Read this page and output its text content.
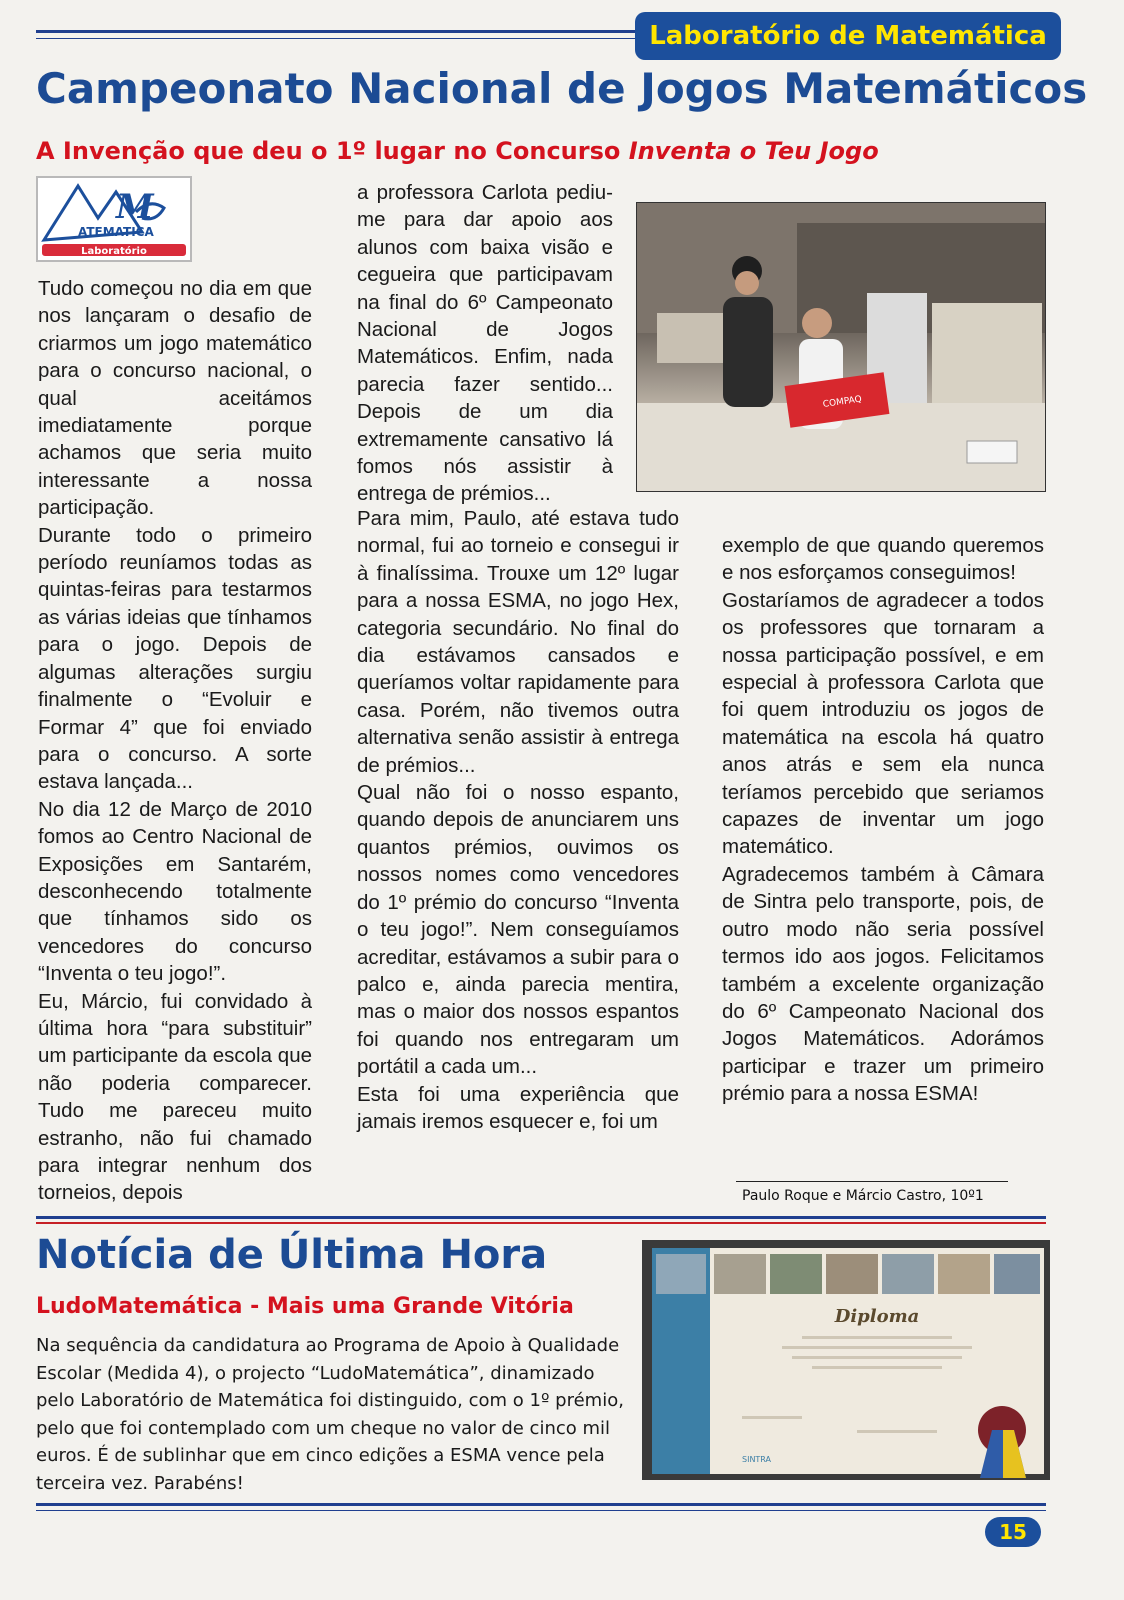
Laboratório de Matemática
Campeonato Nacional de Jogos Matemáticos
A Invenção que deu o 1º lugar no Concurso Inventa o Teu Jogo
M
ATEMATICA
Laboratório

Tudo começou no dia em que nos lançaram o desafio de criarmos um jogo matemático para o concurso nacional, o qual aceitámos imediatamente porque achamos que seria muito interessante a nossa participação.

Durante todo o primeiro período reuníamos todas as quintas-feiras para testarmos as várias ideias que tínhamos para o jogo. Depois de algumas alterações surgiu finalmente o “Evoluir e Formar 4” que foi enviado para o concurso. A sorte estava lançada...

No dia 12 de Março de 2010 fomos ao Centro Nacional de Exposições em Santarém, desconhecendo totalmente que tínhamos sido os vencedores do concurso “Inventa o teu jogo!”.

Eu, Márcio, fui convidado à última hora “para substituir” um participante da escola que não poderia comparecer. Tudo me pareceu muito estranho, não fui chamado para integrar nenhum dos torneios, depois

a professora Carlota pediu-me para dar apoio aos alunos com baixa visão e cegueira que participavam na final do 6º Campeonato Nacional de Jogos Matemáticos. Enfim, nada parecia fazer sentido... Depois de um dia extremamente cansativo lá fomos nós assistir à entrega de prémios...

COMPAQ

Para mim, Paulo, até estava tudo normal, fui ao torneio e consegui ir à finalíssima. Trouxe um 12º lugar para a nossa ESMA, no jogo Hex, categoria secundário. No final do dia estávamos cansados e queríamos voltar rapidamente para casa. Porém, não tivemos outra alternativa senão assistir à entrega de prémios...

Qual não foi o nosso espanto, quando depois de anunciarem uns quantos prémios, ouvimos os nossos nomes como vencedores do 1º prémio do concurso “Inventa o teu jogo!”. Nem conseguíamos acreditar, estávamos a subir para o palco e, ainda parecia mentira, mas o maior dos nossos espantos foi quando nos entregaram um portátil a cada um...

Esta foi uma experiência que jamais iremos esquecer e, foi um

exemplo de que quando queremos e nos esforçamos conseguimos!

Gostaríamos de agradecer a todos os professores que tornaram a nossa participação possível, e em especial à professora Carlota que foi quem introduziu os jogos de matemática na escola há quatro anos atrás e sem ela nunca teríamos percebido que seriamos capazes de inventar um jogo matemático.

Agradecemos também à Câmara de Sintra pelo transporte, pois, de outro modo não seria possível termos ido aos jogos. Felicitamos também a excelente organização do 6º Campeonato Nacional dos Jogos Matemáticos. Adorámos participar e trazer um primeiro prémio para a nossa ESMA!

Paulo Roque e Márcio Castro, 10º1
Notícia de Última Hora
LudoMatemática - Mais uma Grande Vitória
Na sequência da candidatura ao Programa de Apoio à Qualidade Escolar (Medida 4), o projecto “LudoMatemática”, dinamizado pelo Laboratório de Matemática foi distinguido, com o 1º prémio, pelo que foi contemplado com um cheque no valor de cinco mil euros. É de sublinhar que em cinco edições a ESMA vence pela terceira vez. Parabéns!
Diploma
SINTRA
15
